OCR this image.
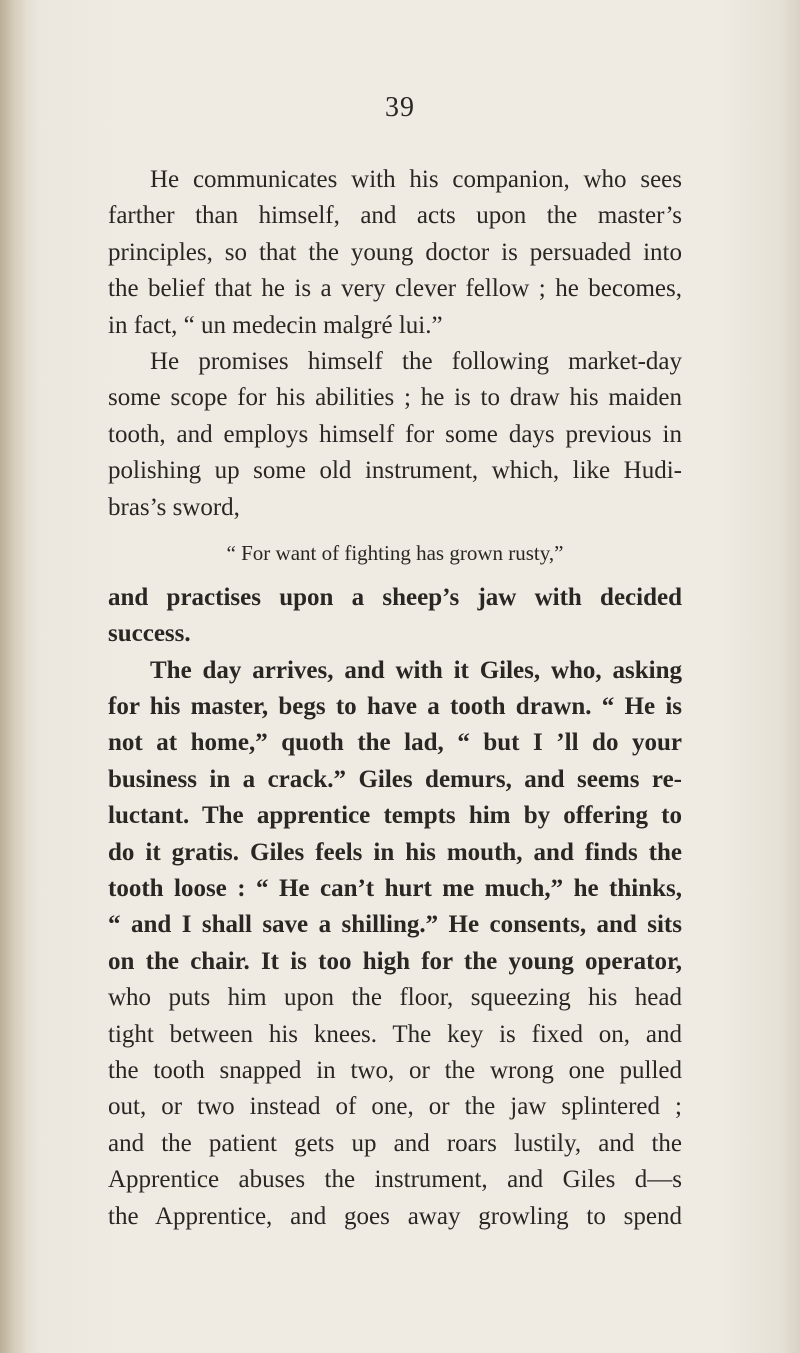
39
He communicates with his companion, who sees
farther than himself, and acts upon the master’s
principles, so that the young doctor is persuaded into
the belief that he is a very clever fellow ; he becomes,
in fact, “ un medecin malgré lui.”
He promises himself the following market-day
some scope for his abilities ; he is to draw his maiden
tooth, and employs himself for some days previous in
polishing up some old instrument, which, like Hudi-
bras’s sword,
“ For want of fighting has grown rusty,”
and practises upon a sheep’s jaw with decided
success.
The day arrives, and with it Giles, who, asking
for his master, begs to have a tooth drawn. “ He is
not at home,” quoth the lad, “ but I ’ll do your
business in a crack.” Giles demurs, and seems re-
luctant. The apprentice tempts him by offering to
do it gratis. Giles feels in his mouth, and finds the
tooth loose : “ He can’t hurt me much,” he thinks,
“ and I shall save a shilling.” He consents, and sits
on the chair. It is too high for the young operator,
who puts him upon the floor, squeezing his head
tight between his knees. The key is fixed on, and
the tooth snapped in two, or the wrong one pulled
out, or two instead of one, or the jaw splintered ;
and the patient gets up and roars lustily, and the
Apprentice abuses the instrument, and Giles d—s
the Apprentice, and goes away growling to spend
